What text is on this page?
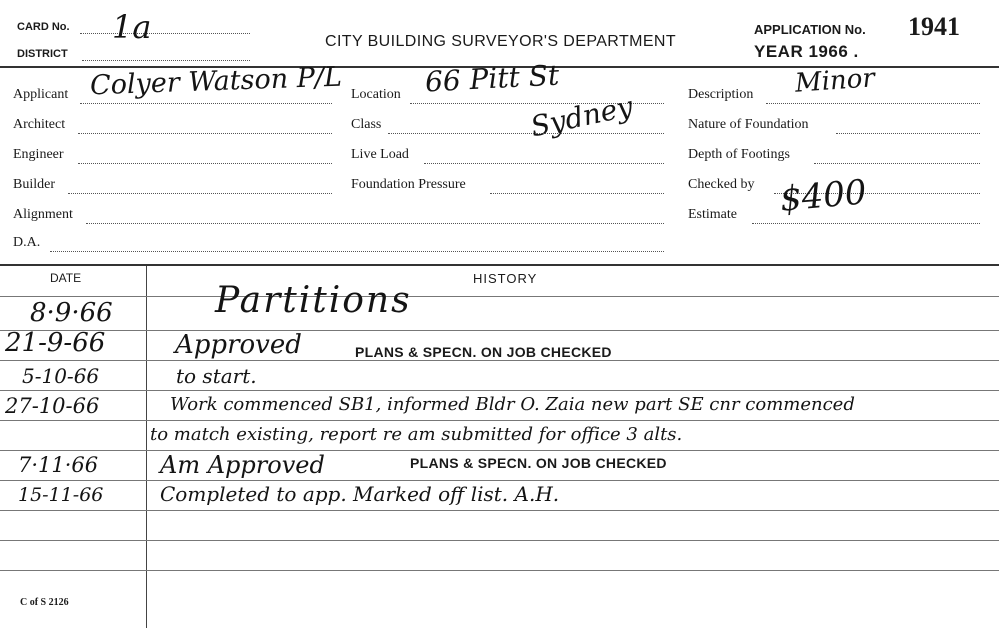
CARD No. 1a
DISTRICT
CITY BUILDING SURVEYOR'S DEPARTMENT
APPLICATION No. 1941
YEAR 1966 .
Applicant Colyer Watson P/L
Architect
Engineer
Builder
Alignment
D.A.
Location 66 Pitt St
Sydney
Class
Live Load
Foundation Pressure
Description Minor
Nature of Foundation
Depth of Footings
Checked by
Estimate $400
DATE	HISTORY
8·9·66	Partitions
21-9-66	Approved	PLANS & SPECN. ON JOB CHECKED
5-10-66	to start.
27-10-66	Work commenced SB1, informed Bldr O. Zaia new part SE cnr commenced
to match existing, report re am submitted for office 3 alts.
7·11·66	Am Approved	PLANS & SPECN. ON JOB CHECKED
15-11-66	Completed to app. Marked off list. A.H.
C of S 2126
